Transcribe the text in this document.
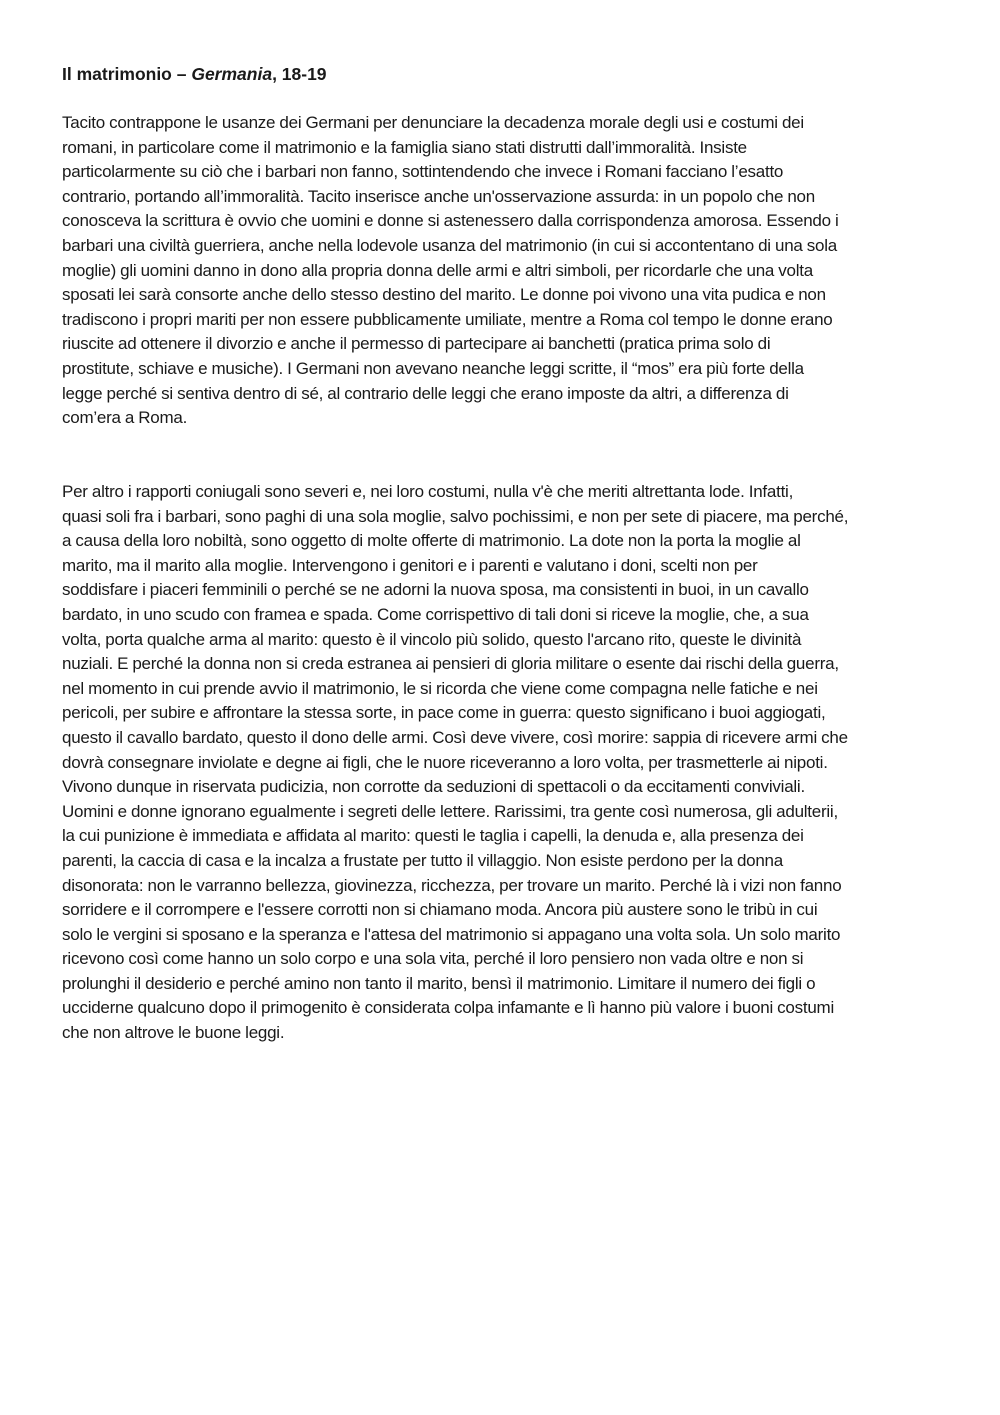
Il matrimonio – Germania, 18-19
Tacito contrappone le usanze dei Germani per denunciare la decadenza morale degli usi e costumi dei
romani, in particolare come il matrimonio e la famiglia siano stati distrutti dall’immoralità. Insiste
particolarmente su ciò che i barbari non fanno, sottintendendo che invece i Romani facciano l’esatto
contrario, portando all’immoralità. Tacito inserisce anche un'osservazione assurda: in un popolo che non
conosceva la scrittura è ovvio che uomini e donne si astenessero dalla corrispondenza amorosa. Essendo i
barbari una civiltà guerriera, anche nella lodevole usanza del matrimonio (in cui si accontentano di una sola
moglie) gli uomini danno in dono alla propria donna delle armi e altri simboli, per ricordarle che una volta
sposati lei sarà consorte anche dello stesso destino del marito. Le donne poi vivono una vita pudica e non
tradiscono i propri mariti per non essere pubblicamente umiliate, mentre a Roma col tempo le donne erano
riuscite ad ottenere il divorzio e anche il permesso di partecipare ai banchetti (pratica prima solo di
prostitute, schiave e musiche). I Germani non avevano neanche leggi scritte, il “mos” era più forte della
legge perché si sentiva dentro di sé, al contrario delle leggi che erano imposte da altri, a differenza di
com’era a Roma.
Per altro i rapporti coniugali sono severi e, nei loro costumi, nulla v'è che meriti altrettanta lode. Infatti,
quasi soli fra i barbari, sono paghi di una sola moglie, salvo pochissimi, e non per sete di piacere, ma perché,
a causa della loro nobiltà, sono oggetto di molte offerte di matrimonio. La dote non la porta la moglie al
marito, ma il marito alla moglie. Intervengono i genitori e i parenti e valutano i doni, scelti non per
soddisfare i piaceri femminili o perché se ne adorni la nuova sposa, ma consistenti in buoi, in un cavallo
bardato, in uno scudo con framea e spada. Come corrispettivo di tali doni si riceve la moglie, che, a sua
volta, porta qualche arma al marito: questo è il vincolo più solido, questo l'arcano rito, queste le divinità
nuziali. E perché la donna non si creda estranea ai pensieri di gloria militare o esente dai rischi della guerra,
nel momento in cui prende avvio il matrimonio, le si ricorda che viene come compagna nelle fatiche e nei
pericoli, per subire e affrontare la stessa sorte, in pace come in guerra: questo significano i buoi aggiogati,
questo il cavallo bardato, questo il dono delle armi. Così deve vivere, così morire: sappia di ricevere armi che
dovrà consegnare inviolate e degne ai figli, che le nuore riceveranno a loro volta, per trasmetterle ai nipoti.
Vivono dunque in riservata pudicizia, non corrotte da seduzioni di spettacoli o da eccitamenti conviviali.
Uomini e donne ignorano egualmente i segreti delle lettere. Rarissimi, tra gente così numerosa, gli adulterii,
la cui punizione è immediata e affidata al marito: questi le taglia i capelli, la denuda e, alla presenza dei
parenti, la caccia di casa e la incalza a frustate per tutto il villaggio. Non esiste perdono per la donna
disonorata: non le varranno bellezza, giovinezza, ricchezza, per trovare un marito. Perché là i vizi non fanno
sorridere e il corrompere e l'essere corrotti non si chiamano moda. Ancora più austere sono le tribù in cui
solo le vergini si sposano e la speranza e l'attesa del matrimonio si appagano una volta sola. Un solo marito
ricevono così come hanno un solo corpo e una sola vita, perché il loro pensiero non vada oltre e non si
prolunghi il desiderio e perché amino non tanto il marito, bensì il matrimonio. Limitare il numero dei figli o
ucciderne qualcuno dopo il primogenito è considerata colpa infamante e lì hanno più valore i buoni costumi
che non altrove le buone leggi.
